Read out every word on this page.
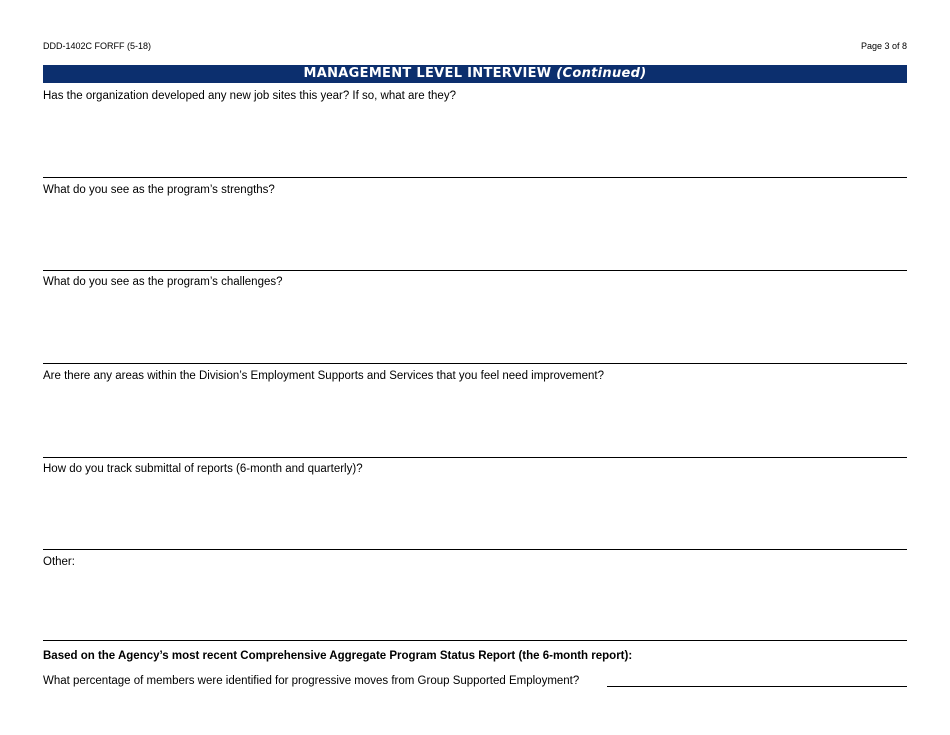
DDD-1402C FORFF (5-18)	Page 3 of 8
MANAGEMENT LEVEL INTERVIEW (Continued)
Has the organization developed any new job sites this year? If so, what are they?
What do you see as the program’s strengths?
What do you see as the program’s challenges?
Are there any areas within the Division’s Employment Supports and Services that you feel need improvement?
How do you track submittal of reports (6-month and quarterly)?
Other:
Based on the Agency’s most recent Comprehensive Aggregate Program Status Report (the 6-month report):
What percentage of members were identified for progressive moves from Group Supported Employment?
